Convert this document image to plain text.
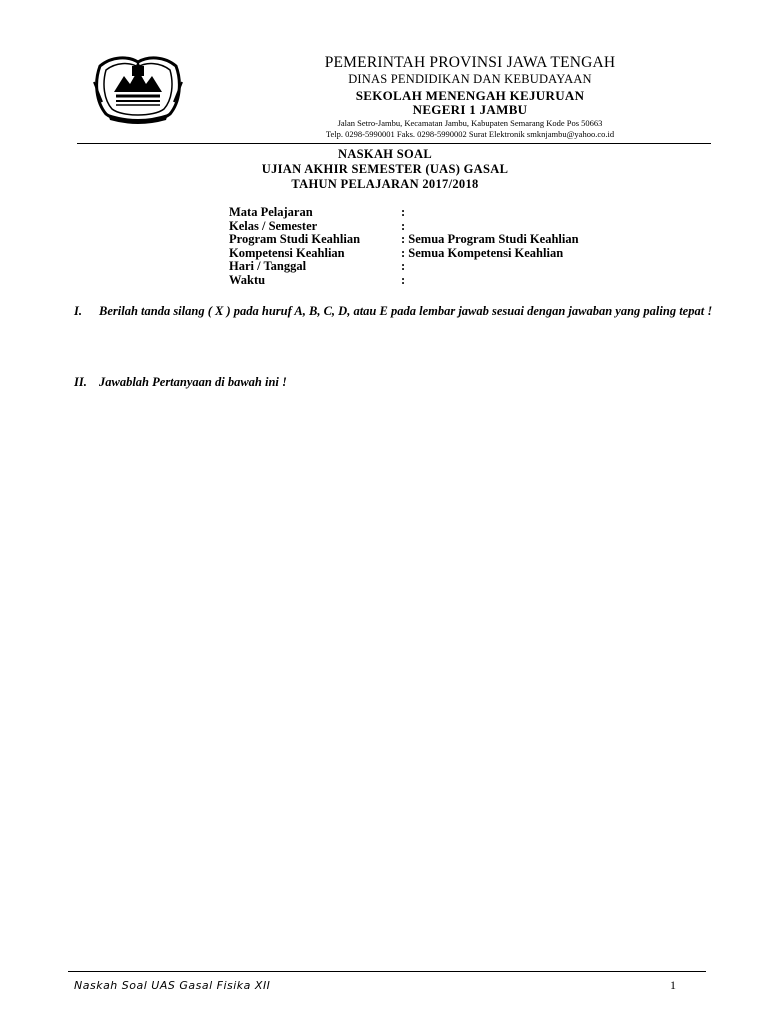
PEMERINTAH PROVINSI JAWA TENGAH
DINAS PENDIDIKAN DAN KEBUDAYAAN
SEKOLAH MENENGAH KEJURUAN
NEGERI 1 JAMBU
Jalan Setro-Jambu, Kecamatan Jambu, Kabupaten Semarang Kode Pos 50663
Telp. 0298-5990001 Faks. 0298-5990002 Surat Elektronik smknjambu@yahoo.co.id
NASKAH SOAL
UJIAN AKHIR SEMESTER (UAS) GASAL
TAHUN PELAJARAN 2017/2018
Mata Pelajaran	:
Kelas / Semester	:
Program Studi Keahlian	: Semua Program Studi Keahlian
Kompetensi Keahlian	: Semua Kompetensi Keahlian
Hari / Tanggal	:
Waktu	:
I. Berilah tanda silang ( X ) pada huruf A, B, C, D, atau E pada lembar jawab sesuai dengan jawaban yang paling tepat !
II. Jawablah Pertanyaan di bawah ini !
Naskah Soal UAS Gasal Fisika XII	1
